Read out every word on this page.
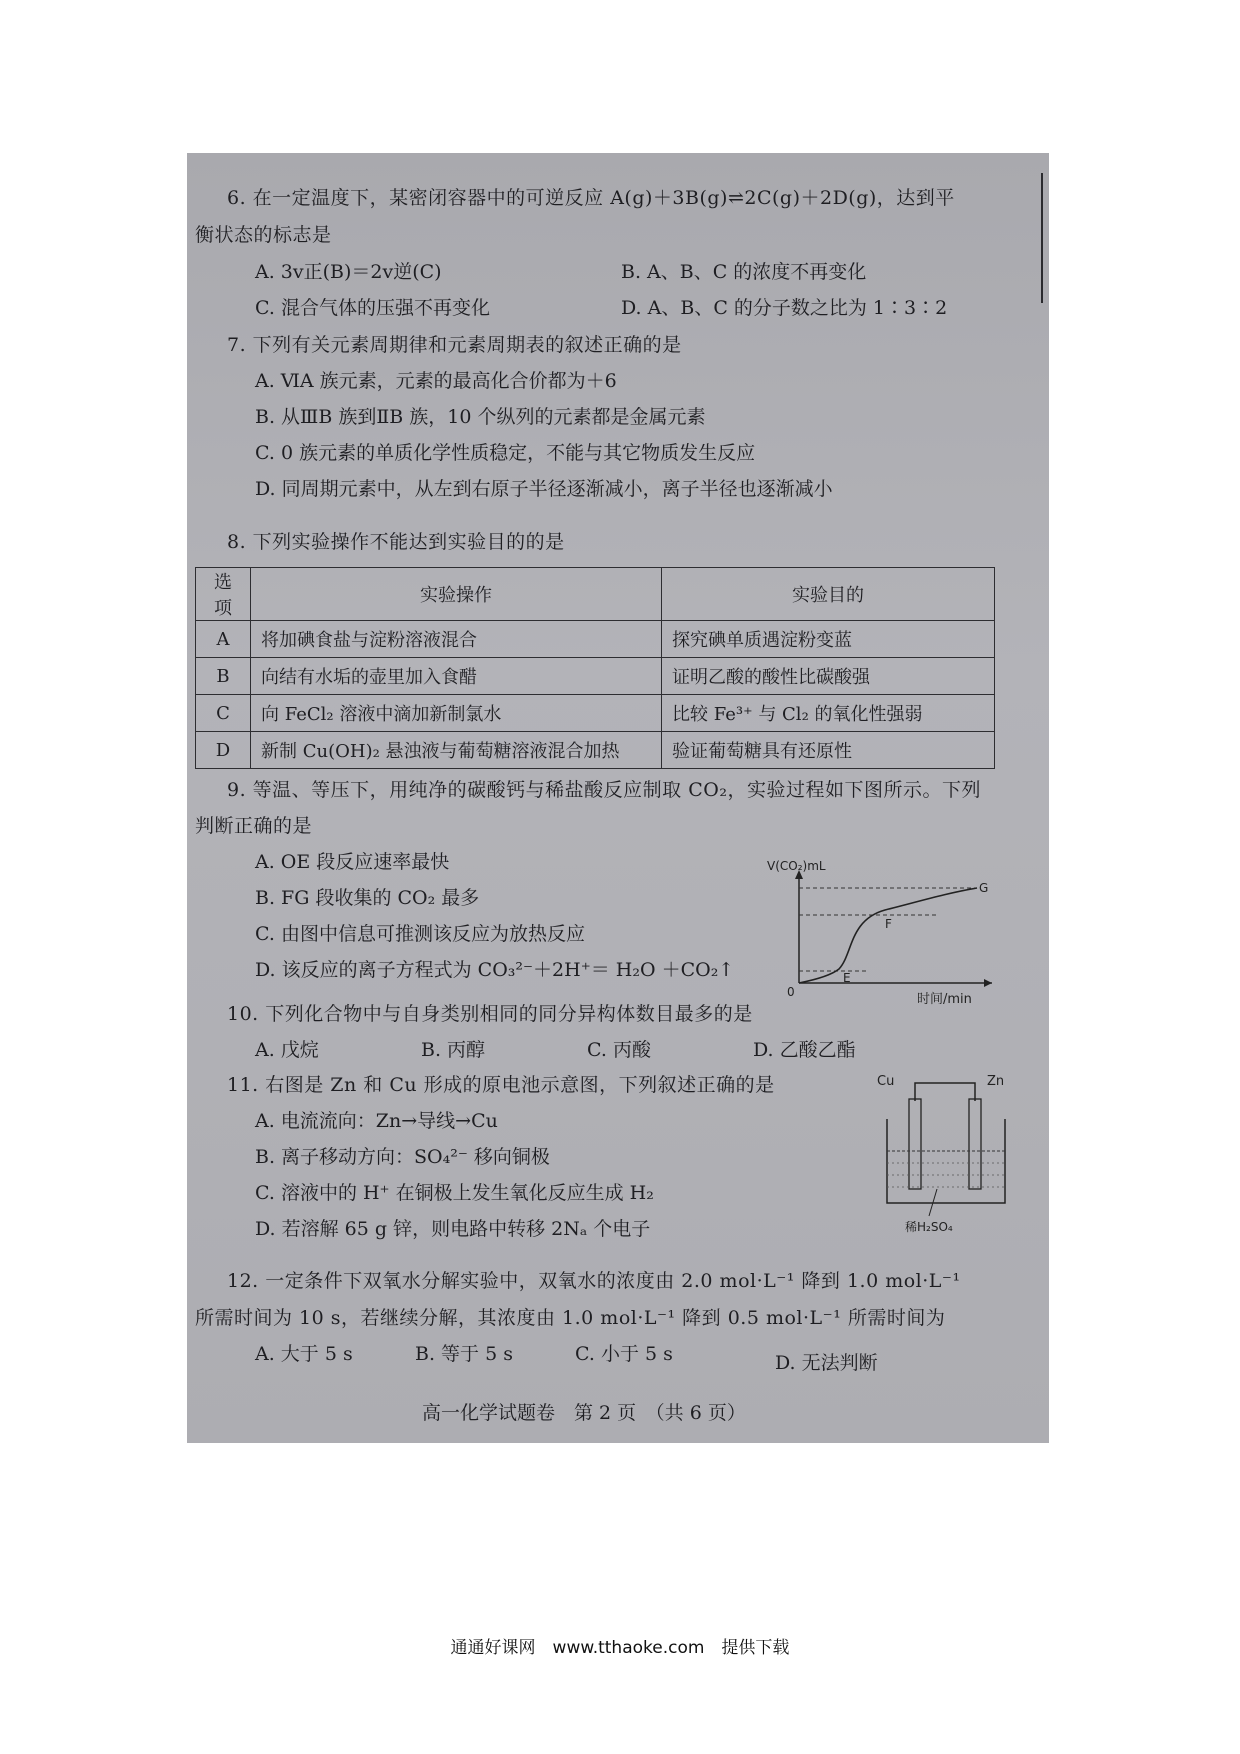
6. 在一定温度下，某密闭容器中的可逆反应 A(g)＋3B(g)⇌2C(g)＋2D(g)，达到平
衡状态的标志是
A. 3v正(B)＝2v逆(C)	B. A、B、C 的浓度不再变化
C. 混合气体的压强不再变化	D. A、B、C 的分子数之比为 1∶3∶2
7. 下列有关元素周期律和元素周期表的叙述正确的是
A. ⅥA 族元素，元素的最高化合价都为＋6
B. 从ⅢB 族到ⅡB 族，10 个纵列的元素都是金属元素
C. 0 族元素的单质化学性质稳定，不能与其它物质发生反应
D. 同周期元素中，从左到右原子半径逐渐减小，离子半径也逐渐减小
8. 下列实验操作不能达到实验目的的是
选项	实验操作	实验目的
A	将加碘食盐与淀粉溶液混合	探究碘单质遇淀粉变蓝
B	向结有水垢的壶里加入食醋	证明乙酸的酸性比碳酸强
C	向 FeCl₂ 溶液中滴加新制氯水	比较 Fe³⁺ 与 Cl₂ 的氧化性强弱
D	新制 Cu(OH)₂ 悬浊液与葡萄糖溶液混合加热	验证葡萄糖具有还原性
9. 等温、等压下，用纯净的碳酸钙与稀盐酸反应制取 CO₂，实验过程如下图所示。下列
判断正确的是
A. OE 段反应速率最快
B. FG 段收集的 CO₂ 最多
C. 由图中信息可推测该反应为放热反应
D. 该反应的离子方程式为 CO₃²⁻＋2H⁺＝ H₂O ＋CO₂↑
V(CO₂)mL
时间/min
0
E
F
G
10. 下列化合物中与自身类别相同的同分异构体数目最多的是
A. 戊烷	B. 丙醇	C. 丙酸	D. 乙酸乙酯
11. 右图是 Zn 和 Cu 形成的原电池示意图，下列叙述正确的是
A. 电流流向：Zn→导线→Cu
B. 离子移动方向：SO₄²⁻ 移向铜极
C. 溶液中的 H⁺ 在铜极上发生氧化反应生成 H₂
D. 若溶解 65 g 锌，则电路中转移 2Nₐ 个电子
Cu	Zn
稀H₂SO₄
12. 一定条件下双氧水分解实验中，双氧水的浓度由 2.0 mol·L⁻¹ 降到 1.0 mol·L⁻¹
所需时间为 10 s，若继续分解，其浓度由 1.0 mol·L⁻¹ 降到 0.5 mol·L⁻¹ 所需时间为
A. 大于 5 s	B. 等于 5 s	C. 小于 5 s	D. 无法判断
高一化学试题卷　第 2 页　（共 6 页）
通通好课网　www.tthaoke.com　提供下载
